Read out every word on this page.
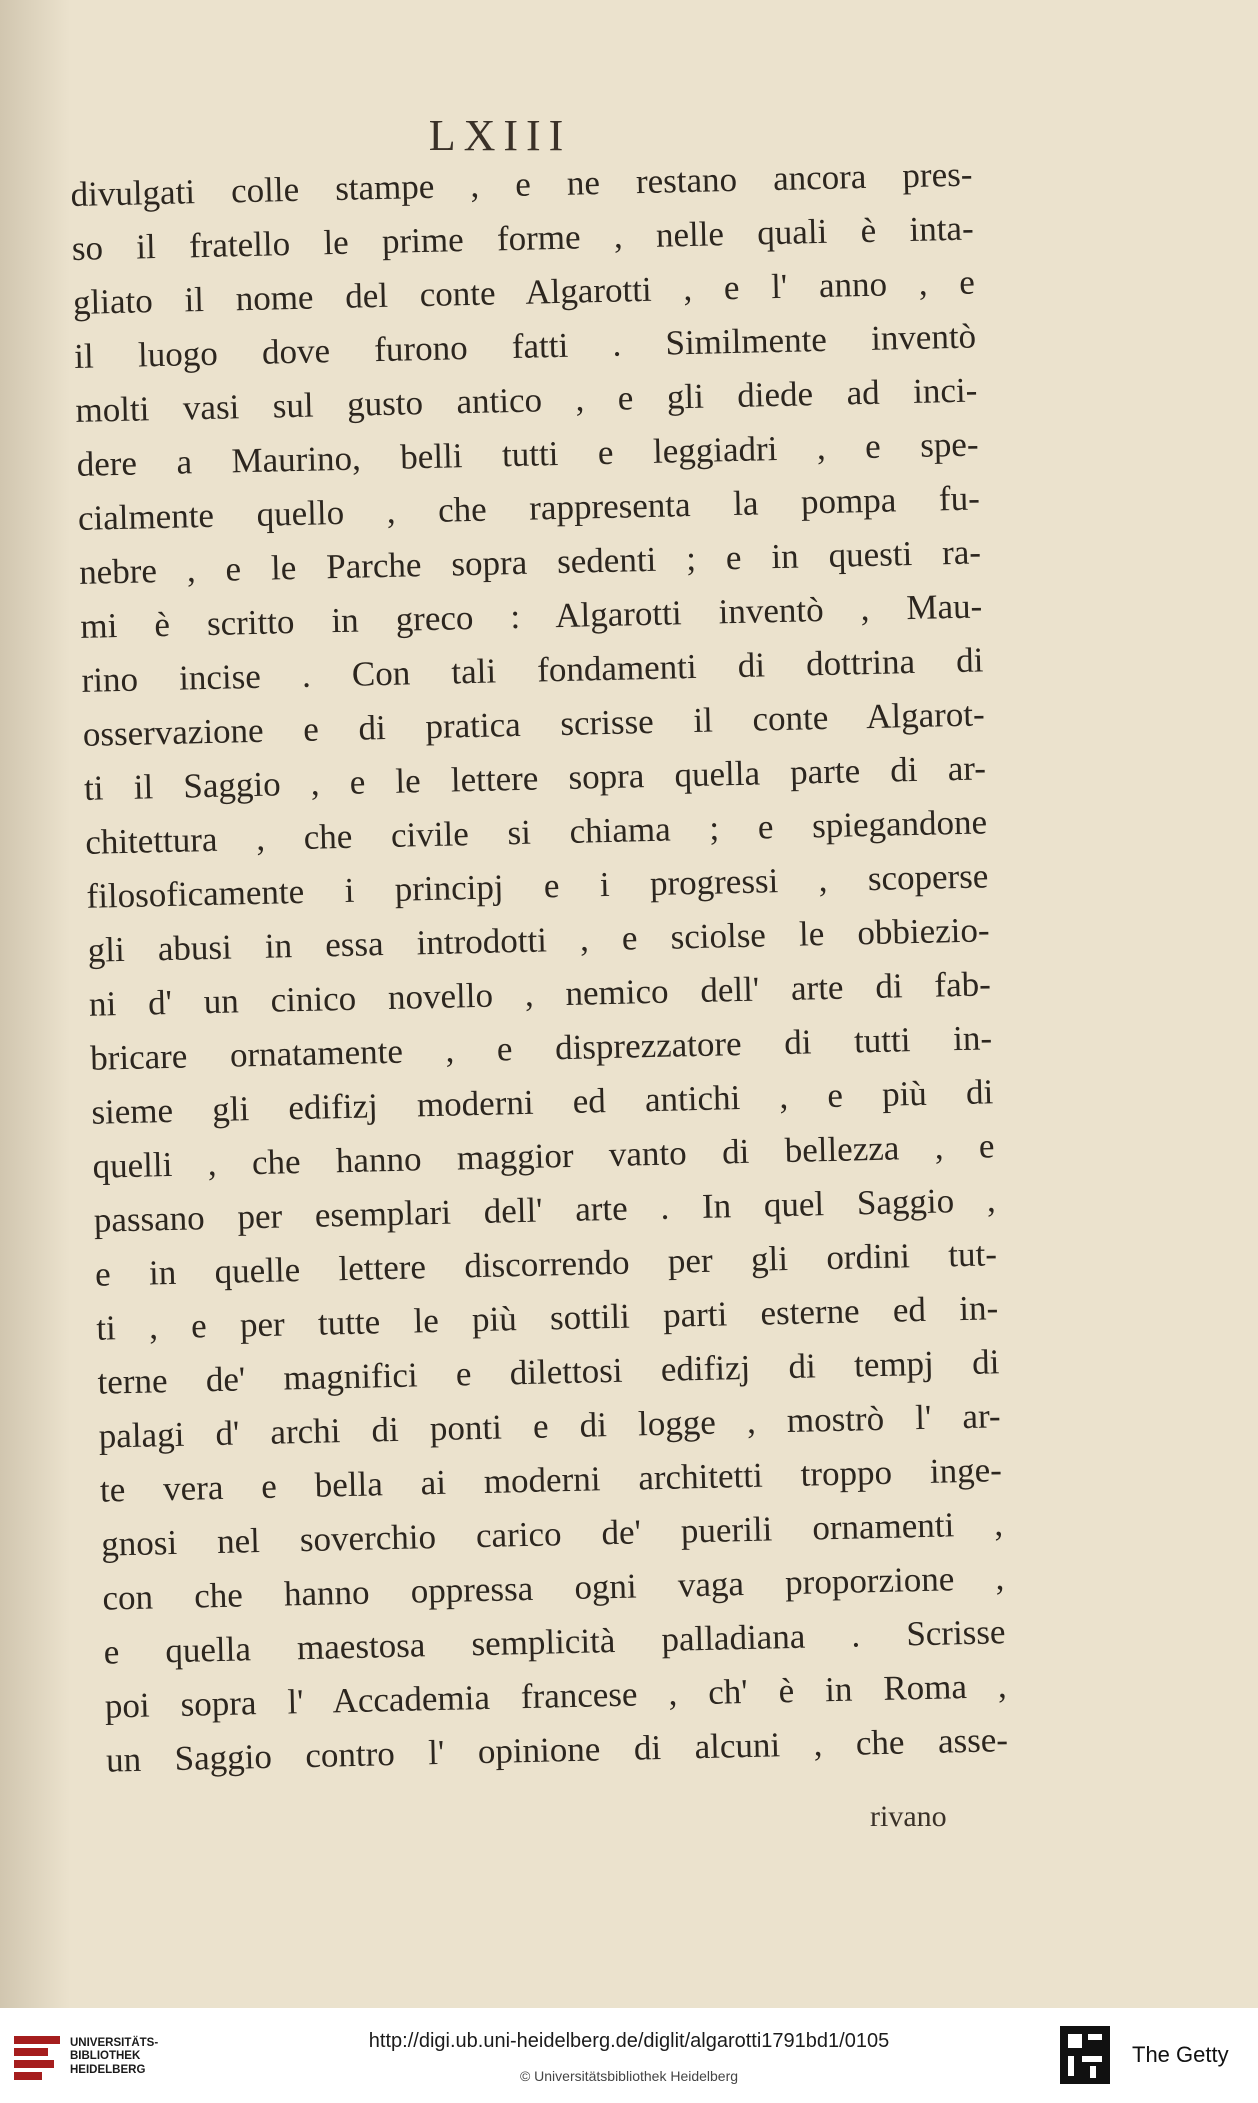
LXIII
divulgati colle stampe , e ne restano ancora pres-
so il fratello le prime forme , nelle quali è inta-
gliato il nome del conte Algarotti , e l' anno , e
il luogo dove furono fatti . Similmente inventò
molti vasi sul gusto antico , e gli diede ad inci-
dere a Maurino, belli tutti e leggiadri , e spe-
cialmente quello , che rappresenta la pompa fu-
nebre , e le Parche sopra sedenti ; e in questi ra-
mi è scritto in greco : Algarotti inventò , Mau-
rino incise . Con tali fondamenti di dottrina di
osservazione e di pratica scrisse il conte Algarot-
ti il Saggio , e le lettere sopra quella parte di ar-
chitettura , che civile si chiama ; e spiegandone
filosoficamente i principj e i progressi , scoperse
gli abusi in essa introdotti , e sciolse le obbiezio-
ni d' un cinico novello , nemico dell' arte di fab-
bricare ornatamente , e disprezzatore di tutti in-
sieme gli edifizj moderni ed antichi , e più di
quelli , che hanno maggior vanto di bellezza , e
passano per esemplari dell' arte . In quel Saggio ,
e in quelle lettere discorrendo per gli ordini tut-
ti , e per tutte le più sottili parti esterne ed in-
terne de' magnifici e dilettosi edifizj di tempj di
palagi d' archi di ponti e di logge , mostrò l' ar-
te vera e bella ai moderni architetti troppo inge-
gnosi nel soverchio carico de' puerili ornamenti ,
con che hanno oppressa ogni vaga proporzione ,
e quella maestosa semplicità palladiana . Scrisse
poi sopra l' Accademia francese , ch' è in Roma ,
un Saggio contro l' opinione di alcuni , che asse-
rivano
UNIVERSITÄTS-
BIBLIOTHEK
HEIDELBERG
http://digi.ub.uni-heidelberg.de/diglit/algarotti1791bd1/0105
© Universitätsbibliothek Heidelberg
The Getty
